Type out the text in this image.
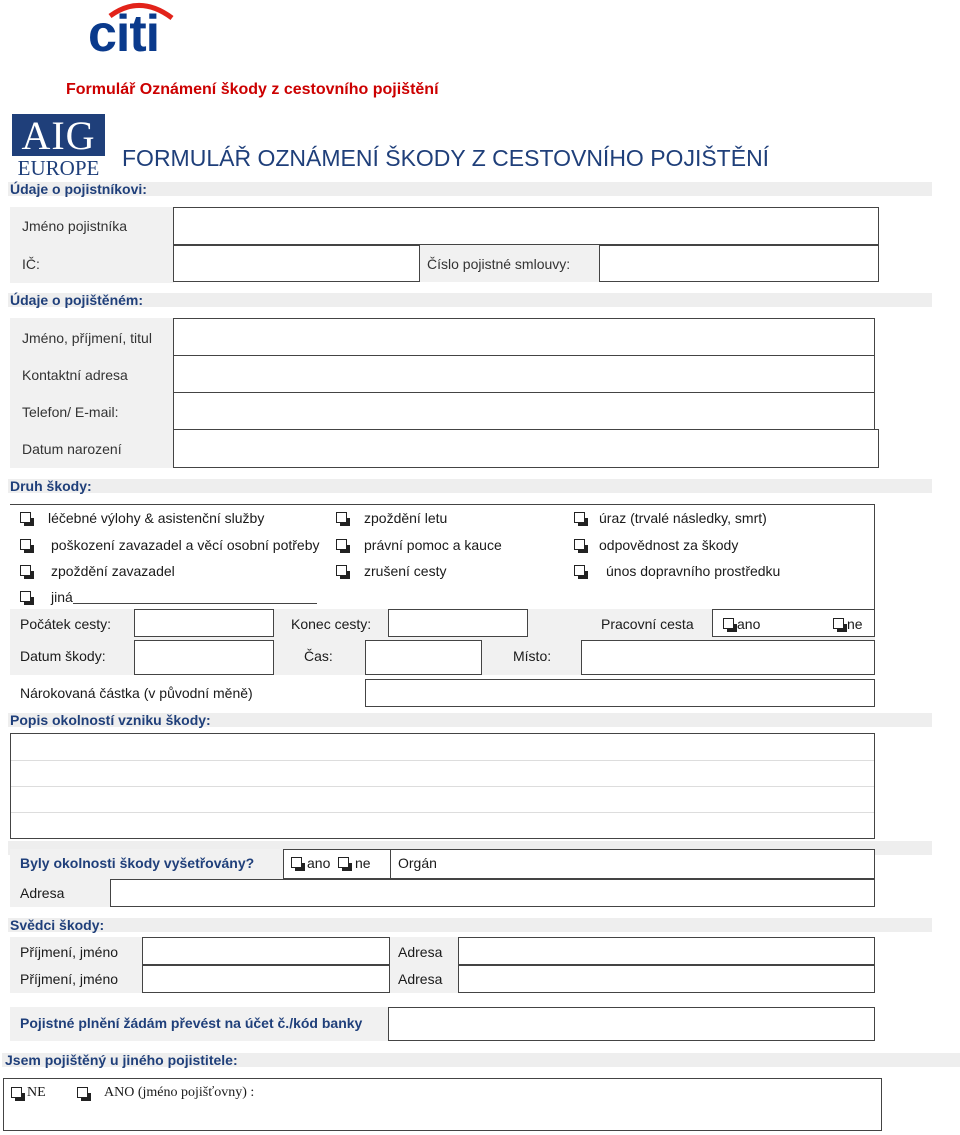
citi
Formulář Oznámení škody z cestovního pojištění
AIG
EUROPE FORMULÁŘ OZNÁMENÍ ŠKODY Z CESTOVNÍHO POJIŠTĚNÍ
Údaje o pojistníkovi:
Jméno pojistníka
IČ:	Číslo pojistné smlouvy:
Údaje o pojištěném:
Jméno, příjmení, titul
Kontaktní adresa
Telefon/ E-mail:
Datum narození
Druh škody:
léčebné výlohy & asistenční služby	zpoždění letu	úraz (trvalé následky, smrt)
poškození zavazadel a věcí osobní potřeby	právní pomoc a kauce	odpovědnost za škody
zpoždění zavazadel	zrušení cesty	únos dopravního prostředku
jiná
Počátek cesty:	Konec cesty:	Pracovní cesta	ano	ne
Datum škody:	Čas:	Místo:
Nárokovaná částka (v původní měně)
Popis okolností vzniku škody:
Byly okolnosti škody vyšetřovány?	ano ne Orgán
Adresa
Svědci škody:
Příjmení, jméno	Adresa
Příjmení, jméno	Adresa
Pojistné plnění žádám převést na účet č./kód banky
Jsem pojištěný u jiného pojistitele:
NE	ANO (jméno pojišťovny) :
